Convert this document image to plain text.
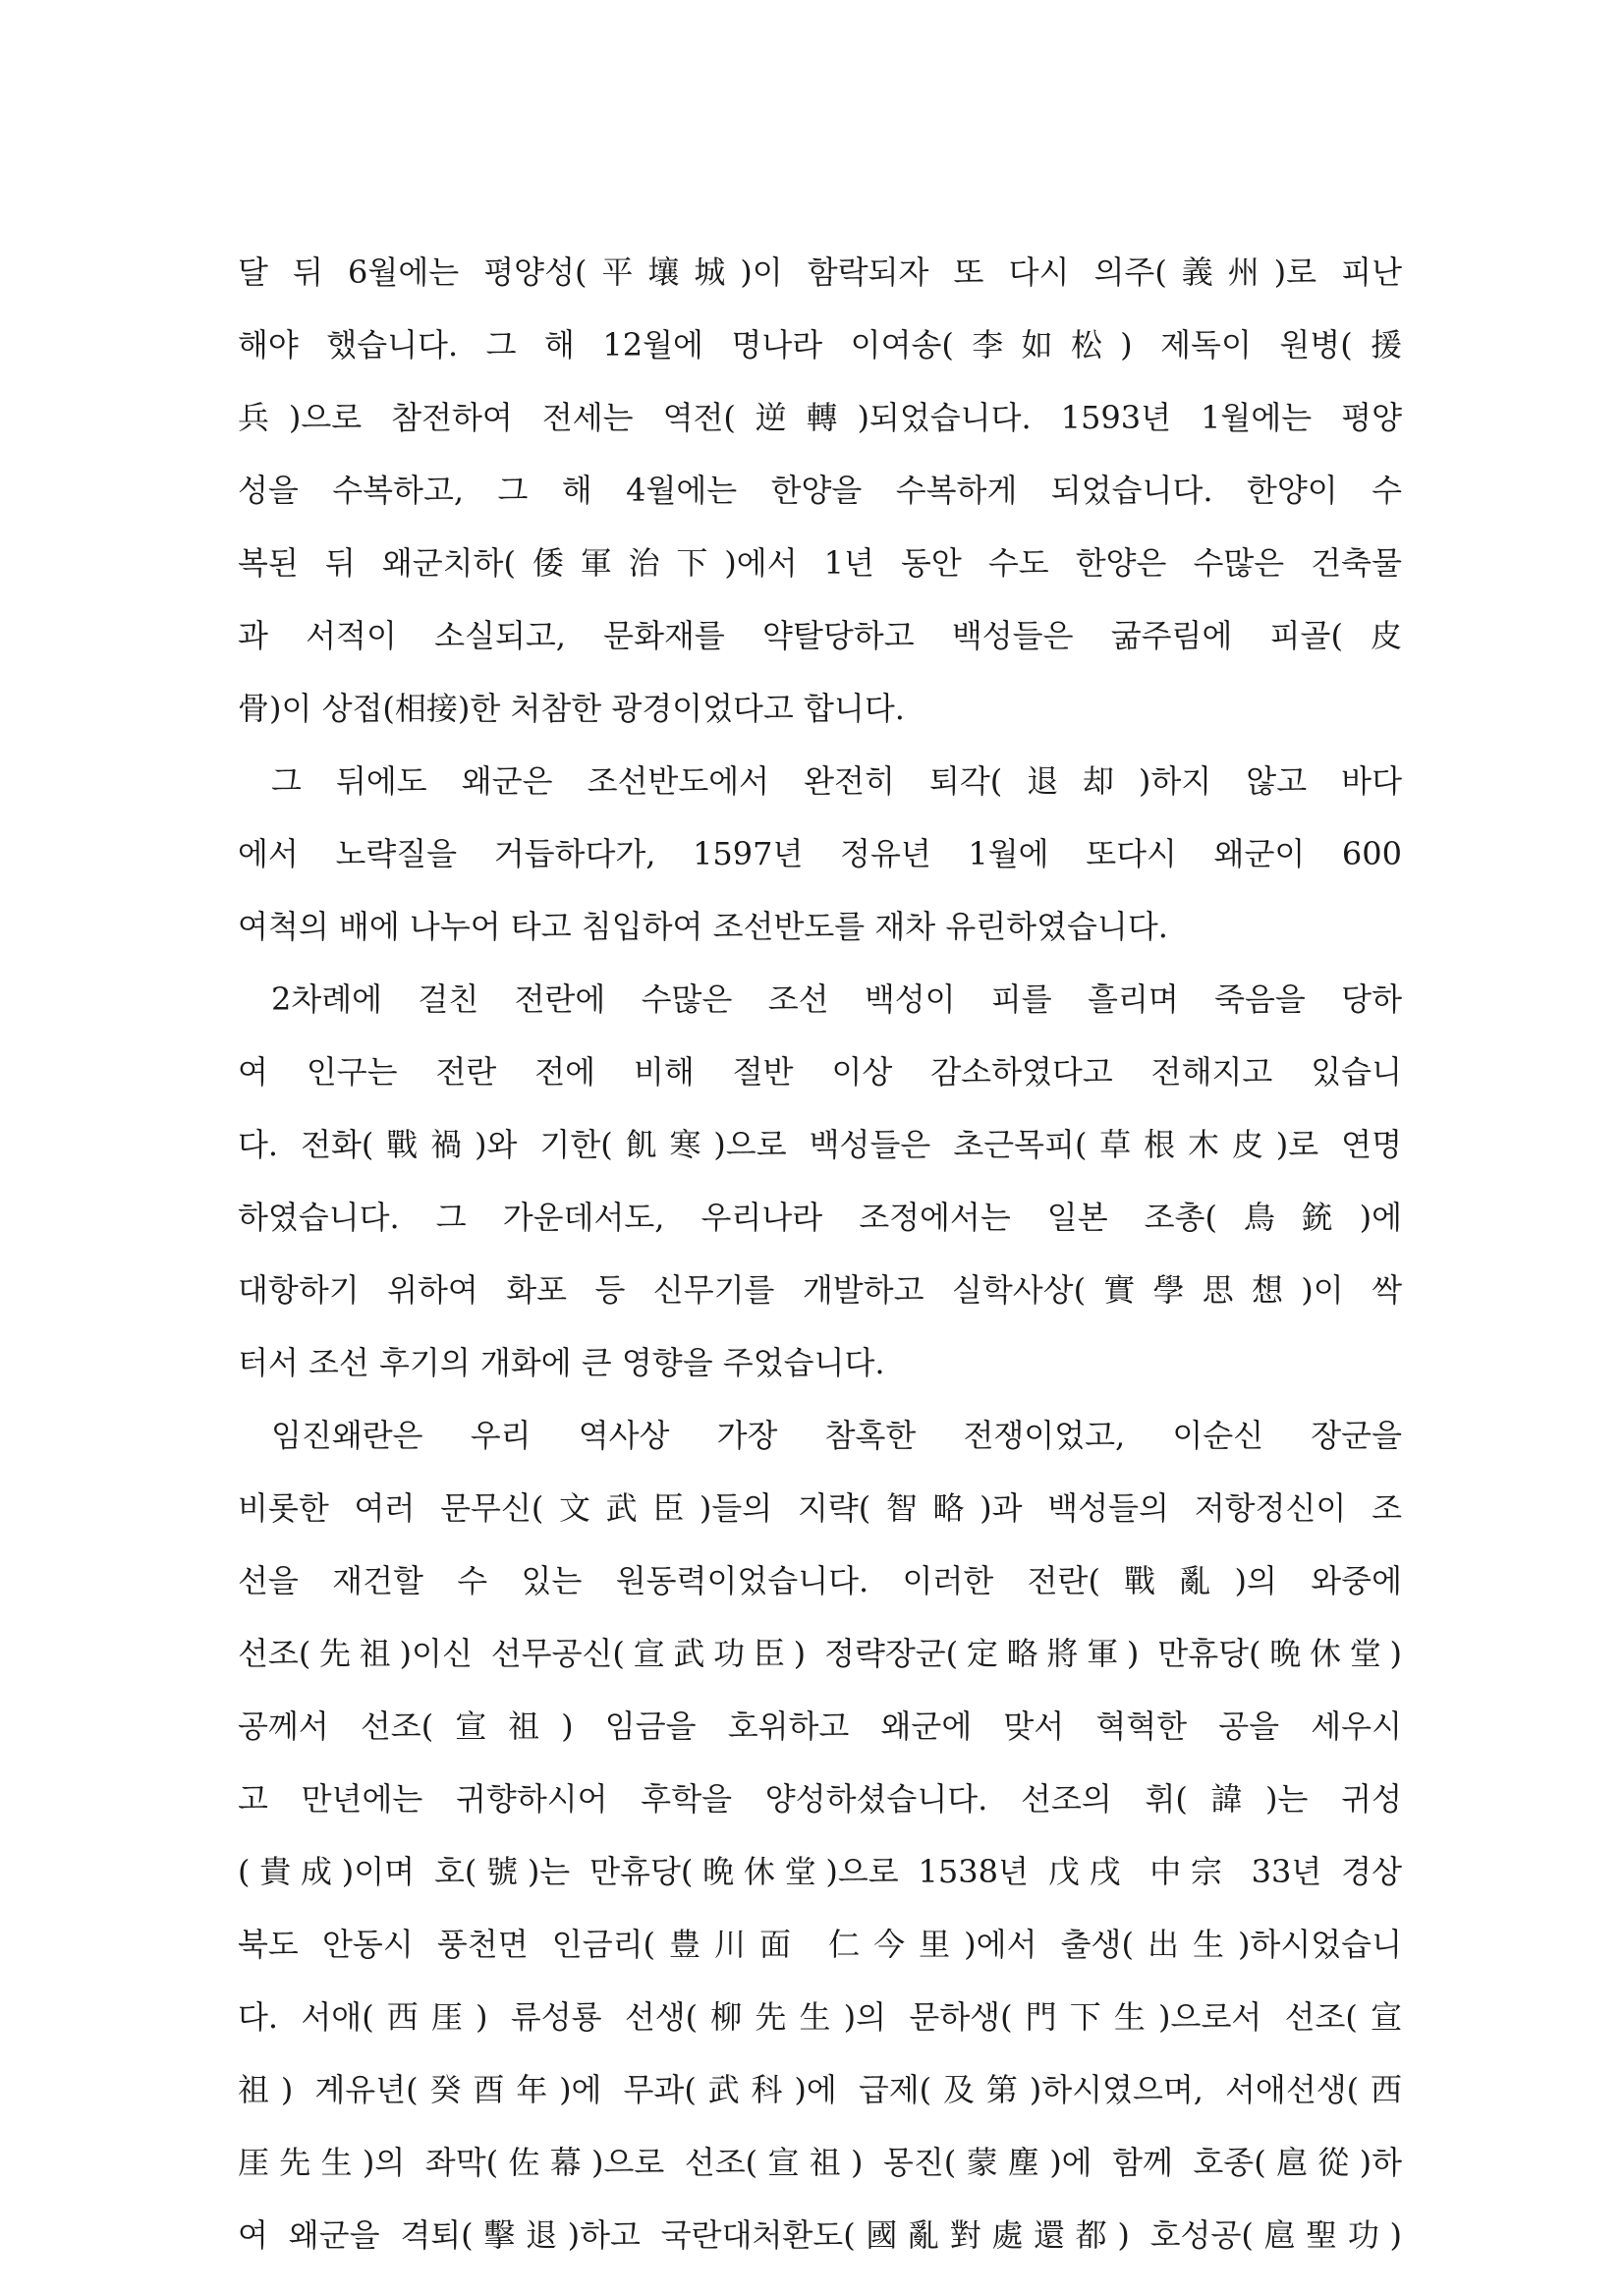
달 뒤 6월에는 평양성(平壤城)이 함락되자 또 다시 의주(義州)로 피난
해야 했습니다. 그 해 12월에 명나라 이여송(李如松) 제독이 원병(援
兵)으로 참전하여 전세는 역전(逆轉)되었습니다. 1593년 1월에는 평양
성을 수복하고, 그 해 4월에는 한양을 수복하게 되었습니다. 한양이 수
복된 뒤 왜군치하(倭軍治下)에서 1년 동안 수도 한양은 수많은 건축물
과 서적이 소실되고, 문화재를 약탈당하고 백성들은 굶주림에 피골(皮
骨)이 상접(相接)한 처참한 광경이었다고 합니다.
그 뒤에도 왜군은 조선반도에서 완전히 퇴각(退却)하지 않고 바다
에서 노략질을 거듭하다가, 1597년 정유년 1월에 또다시 왜군이 600
여척의 배에 나누어 타고 침입하여 조선반도를 재차 유린하였습니다.
2차례에 걸친 전란에 수많은 조선 백성이 피를 흘리며 죽음을 당하
여 인구는 전란 전에 비해 절반 이상 감소하였다고 전해지고 있습니
다. 전화(戰禍)와 기한(飢寒)으로 백성들은 초근목피(草根木皮)로 연명
하였습니다. 그 가운데서도, 우리나라 조정에서는 일본 조총(鳥銃)에
대항하기 위하여 화포 등 신무기를 개발하고 실학사상(實學思想)이 싹
터서 조선 후기의 개화에 큰 영향을 주었습니다.
임진왜란은 우리 역사상 가장 참혹한 전쟁이었고, 이순신 장군을
비롯한 여러 문무신(文武臣)들의 지략(智略)과 백성들의 저항정신이 조
선을 재건할 수 있는 원동력이었습니다. 이러한 전란(戰亂)의 와중에
선조(先祖)이신 선무공신(宣武功臣) 정략장군(定略將軍) 만휴당(晩休堂)
공께서 선조(宣祖) 임금을 호위하고 왜군에 맞서 혁혁한 공을 세우시
고 만년에는 귀향하시어 후학을 양성하셨습니다. 선조의 휘(諱)는 귀성
(貴成)이며 호(號)는 만휴당(晩休堂)으로 1538년 戊戌 中宗 33년 경상
북도 안동시 풍천면 인금리(豊川面 仁今里)에서 출생(出生)하시었습니
다. 서애(西厓) 류성룡 선생(柳先生)의 문하생(門下生)으로서 선조(宣
祖) 계유년(癸酉年)에 무과(武科)에 급제(及第)하시였으며, 서애선생(西
厓先生)의 좌막(佐幕)으로 선조(宣祖) 몽진(蒙塵)에 함께 호종(扈從)하
여 왜군을 격퇴(擊退)하고 국란대처환도(國亂對處還都) 호성공(扈聖功)
